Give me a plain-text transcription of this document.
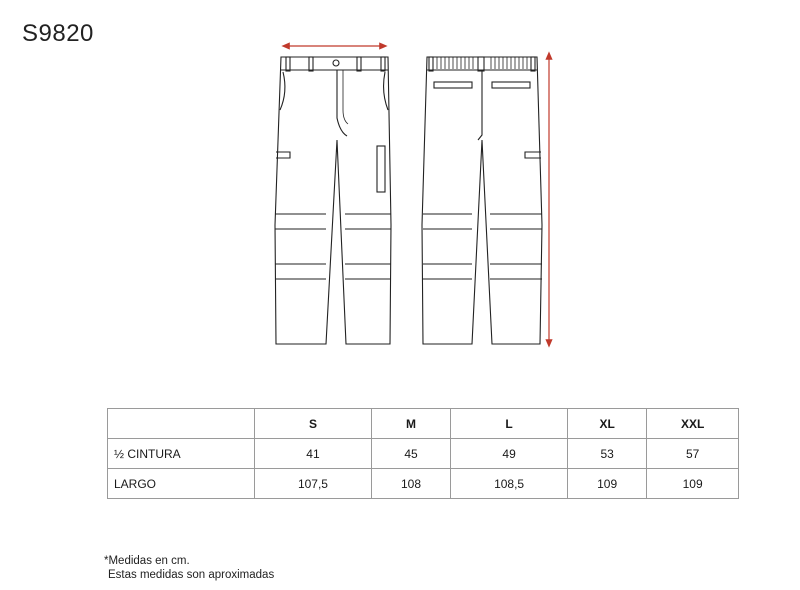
S9820
	S	M	L	XL	XXL
½ CINTURA	41	45	49	53	57
LARGO	107,5	108	108,5	109	109
*Medidas en cm.
Estas medidas son aproximadas
